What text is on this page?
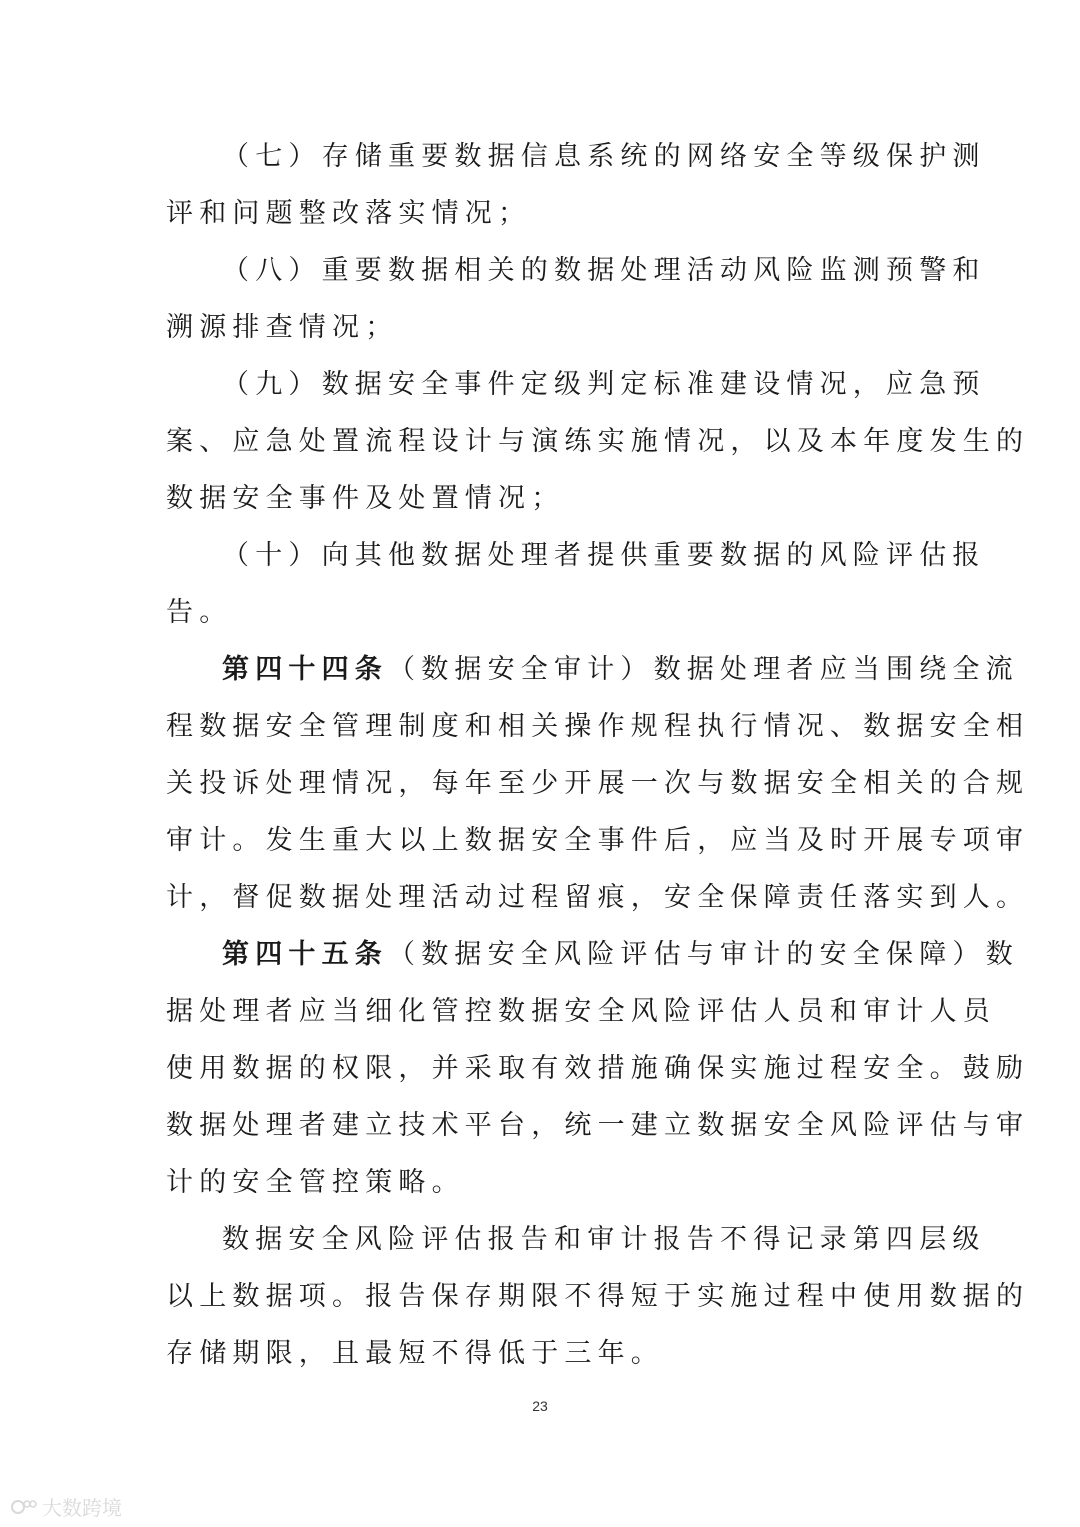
（七）存储重要数据信息系统的网络安全等级保护测
评和问题整改落实情况；
（八）重要数据相关的数据处理活动风险监测预警和
溯源排查情况；
（九）数据安全事件定级判定标准建设情况，应急预
案、应急处置流程设计与演练实施情况，以及本年度发生的
数据安全事件及处置情况；
（十）向其他数据处理者提供重要数据的风险评估报
告。
第四十四条（数据安全审计）数据处理者应当围绕全流
程数据安全管理制度和相关操作规程执行情况、数据安全相
关投诉处理情况，每年至少开展一次与数据安全相关的合规
审计。发生重大以上数据安全事件后，应当及时开展专项审
计，督促数据处理活动过程留痕，安全保障责任落实到人。
第四十五条（数据安全风险评估与审计的安全保障）数
据处理者应当细化管控数据安全风险评估人员和审计人员
使用数据的权限，并采取有效措施确保实施过程安全。鼓励
数据处理者建立技术平台，统一建立数据安全风险评估与审
计的安全管控策略。
数据安全风险评估报告和审计报告不得记录第四层级
以上数据项。报告保存期限不得短于实施过程中使用数据的
存储期限，且最短不得低于三年。
23
大数跨境
